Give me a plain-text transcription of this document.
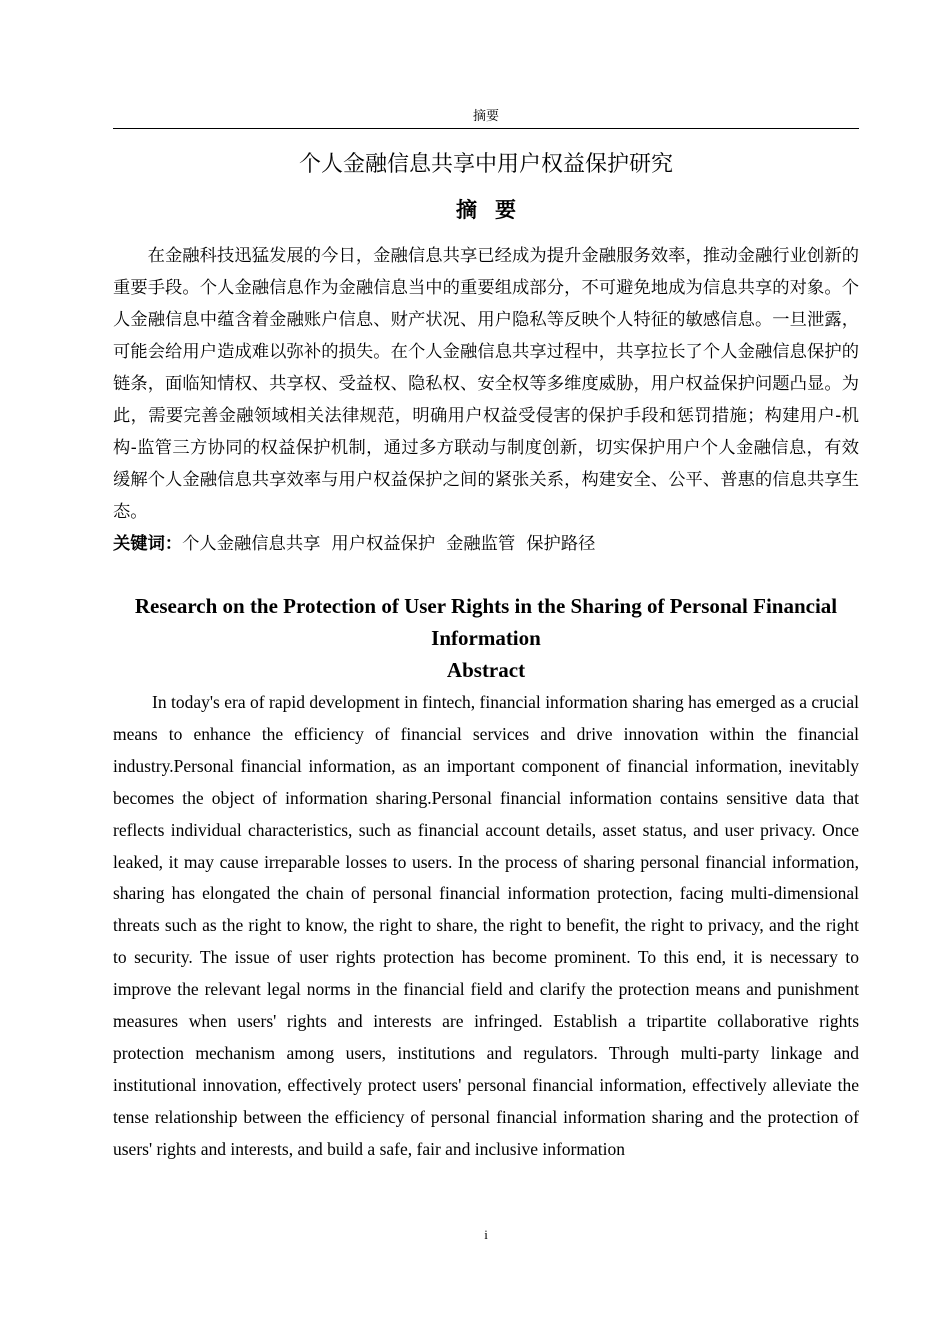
摘要
个人金融信息共享中用户权益保护研究
摘要

在金融科技迅猛发展的今日，金融信息共享已经成为提升金融服务效率，推动金融行业创新的重要手段。个人金融信息作为金融信息当中的重要组成部分，不可避免地成为信息共享的对象。个人金融信息中蕴含着金融账户信息、财产状况、用户隐私等反映个人特征的敏感信息。一旦泄露，可能会给用户造成难以弥补的损失。在个人金融信息共享过程中，共享拉长了个人金融信息保护的链条，面临知情权、共享权、受益权、隐私权、安全权等多维度威胁，用户权益保护问题凸显。为此，需要完善金融领域相关法律规范，明确用户权益受侵害的保护手段和惩罚措施；构建用户-机构-监管三方协同的权益保护机制，通过多方联动与制度创新，切实保护用户个人金融信息，有效缓解个人金融信息共享效率与用户权益保护之间的紧张关系，构建安全、公平、普惠的信息共享生态。

关键词：个人金融信息共享 用户权益保护 金融监管 保护路径

Research on the Protection of User Rights in the Sharing of Personal Financial Information
Abstract

In today's era of rapid development in fintech, financial information sharing has emerged as a crucial means to enhance the efficiency of financial services and drive innovation within the financial industry.Personal financial information, as an important component of financial information, inevitably becomes the object of information sharing.Personal financial information contains sensitive data that reflects individual characteristics, such as financial account details, asset status, and user privacy. Once leaked, it may cause irreparable losses to users. In the process of sharing personal financial information, sharing has elongated the chain of personal financial information protection, facing multi-dimensional threats such as the right to know, the right to share, the right to benefit, the right to privacy, and the right to security. The issue of user rights protection has become prominent. To this end, it is necessary to improve the relevant legal norms in the financial field and clarify the protection means and punishment measures when users' rights and interests are infringed. Establish a tripartite collaborative rights protection mechanism among users, institutions and regulators. Through multi-party linkage and institutional innovation, effectively protect users' personal financial information, effectively alleviate the tense relationship between the efficiency of personal financial information sharing and the protection of users' rights and interests, and build a safe, fair and inclusive information

i
